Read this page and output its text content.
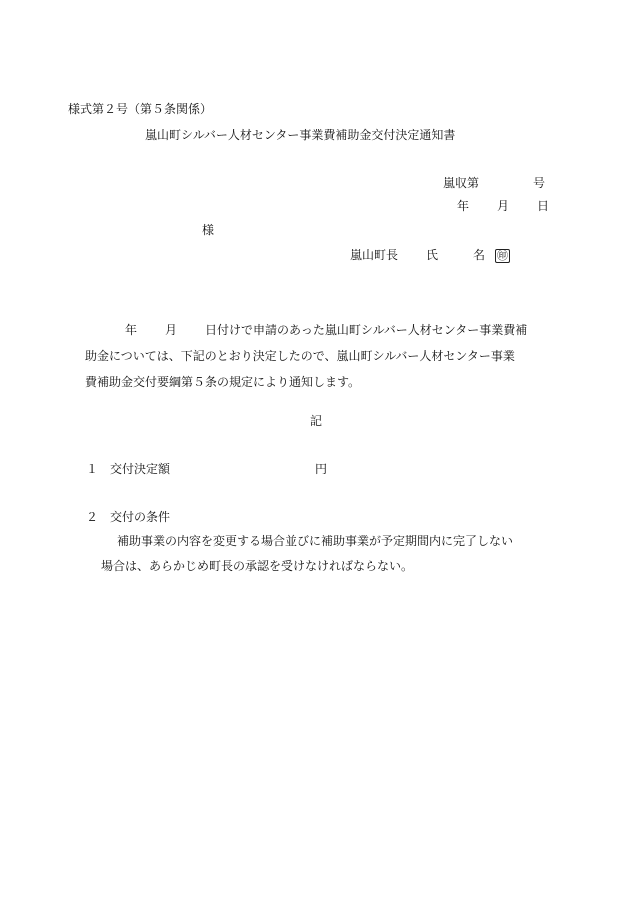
様式第２号（第５条関係）
嵐山町シルバー人材センター事業費補助金交付決定通知書
嵐収第	号
年 月 日
様
嵐山町長 氏	名 ㊞
年 月 日付けで申請のあった嵐山町シルバー人材センター事業費補
助金については、下記のとおり決定したので、嵐山町シルバー人材センター事業
費補助金交付要綱第５条の規定により通知します。
記
１ 交付決定額	円
２ 交付の条件
補助事業の内容を変更する場合並びに補助事業が予定期間内に完了しない
場合は、あらかじめ町長の承認を受けなければならない。
